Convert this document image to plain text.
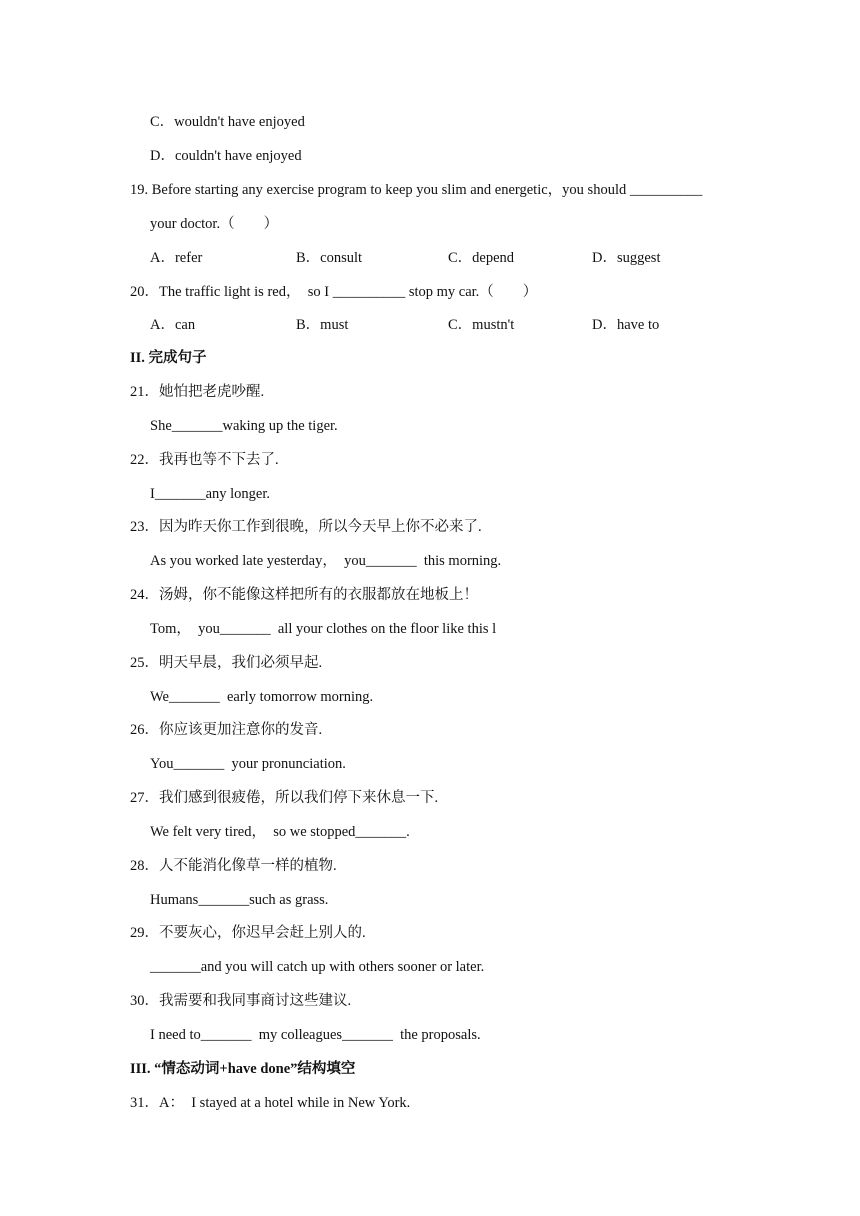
C．wouldn't have enjoyed
D．couldn't have enjoyed
19. Before starting any exercise program to keep you slim and energetic，you should __________
your doctor.（　　）
A．refer	B．consult	C．depend	D．suggest
20．The traffic light is red，  so I __________ stop my car.（　　）
A．can	B．must	C．mustn't	D．have to
II. 完成句子
21．她怕把老虎吵醒.
She_______waking up the tiger.
22．我再也等不下去了.
I_______any longer.
23．因为昨天你工作到很晚，所以今天早上你不必来了.
As you worked late yesterday，  you_______  this morning.
24．汤姆，你不能像这样把所有的衣服都放在地板上！
Tom，  you_______  all your clothes on the floor like this l
25．明天早晨，我们必须早起.
We_______  early tomorrow morning.
26．你应该更加注意你的发音.
You_______  your pronunciation.
27．我们感到很疲倦，所以我们停下来休息一下.
We felt very tired，  so we stopped_______.
28．人不能消化像草一样的植物.
Humans_______such as grass.
29．不要灰心，你迟早会赶上别人的.
_______and you will catch up with others sooner or later.
30．我需要和我同事商讨这些建议.
I need to_______  my colleagues_______  the proposals.
III. “情态动词+have done”结构填空
31．A：  I stayed at a hotel while in New York.
